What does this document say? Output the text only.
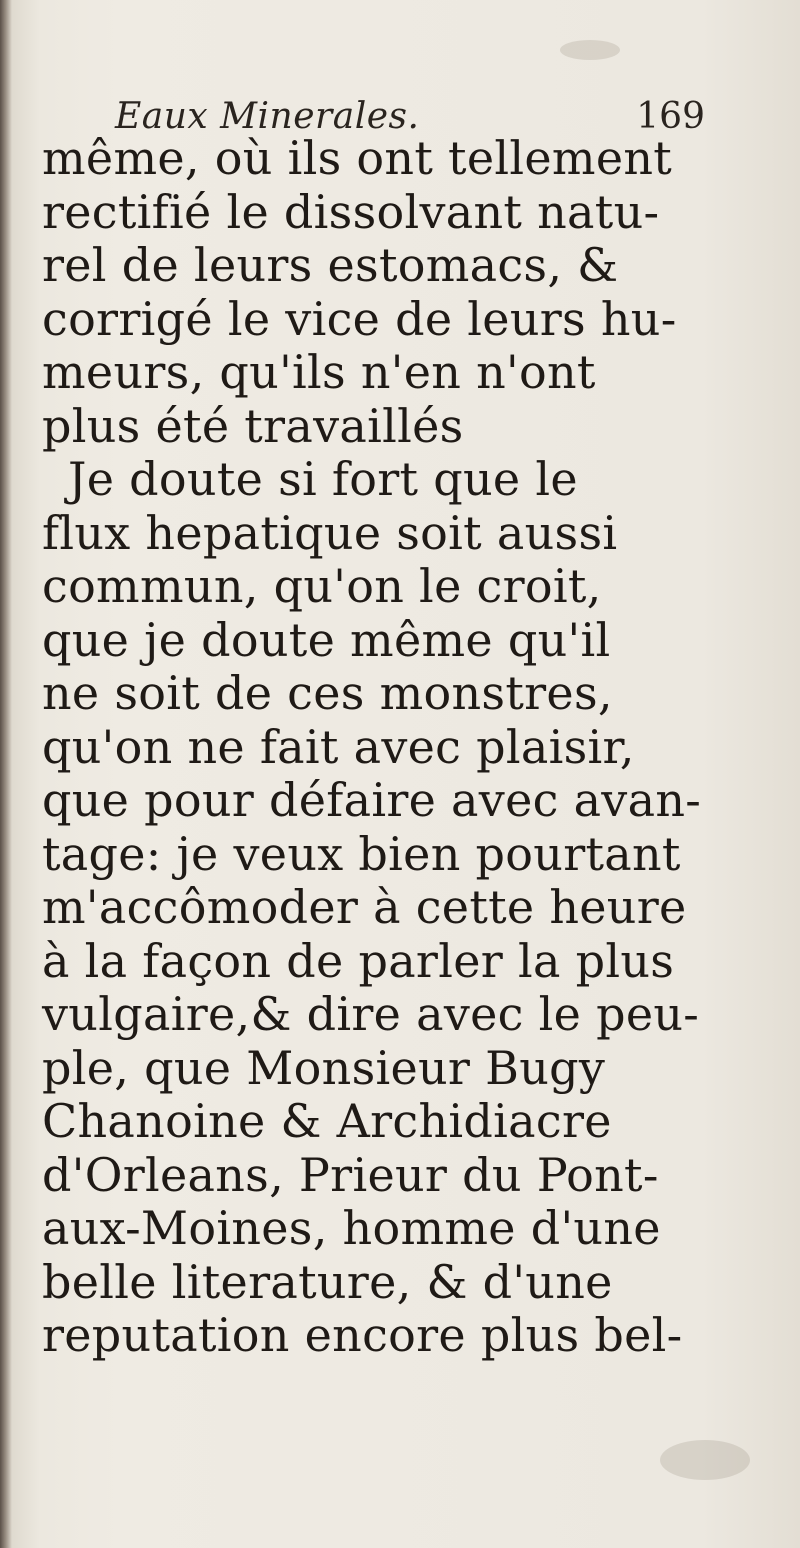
Eaux Minerales.	169
même, où ils ont tellement
rectifié le dissolvant natu-
rel de leurs estomacs, &
corrigé le vice de leurs hu-
meurs, qu'ils n'en n'ont
plus été travaillés
Je doute si fort que le
flux hepatique soit aussi
commun, qu'on le croit,
que je doute même qu'il
ne soit de ces monstres,
qu'on ne fait avec plaisir,
que pour défaire avec avan-
tage: je veux bien pourtant
m'accômoder à cette heure
à la façon de parler la plus
vulgaire,& dire avec le peu-
ple, que Monsieur Bugy
Chanoine & Archidiacre
d'Orleans, Prieur du Pont-
aux-Moines, homme d'une
belle literature, & d'une
reputation encore plus bel-
